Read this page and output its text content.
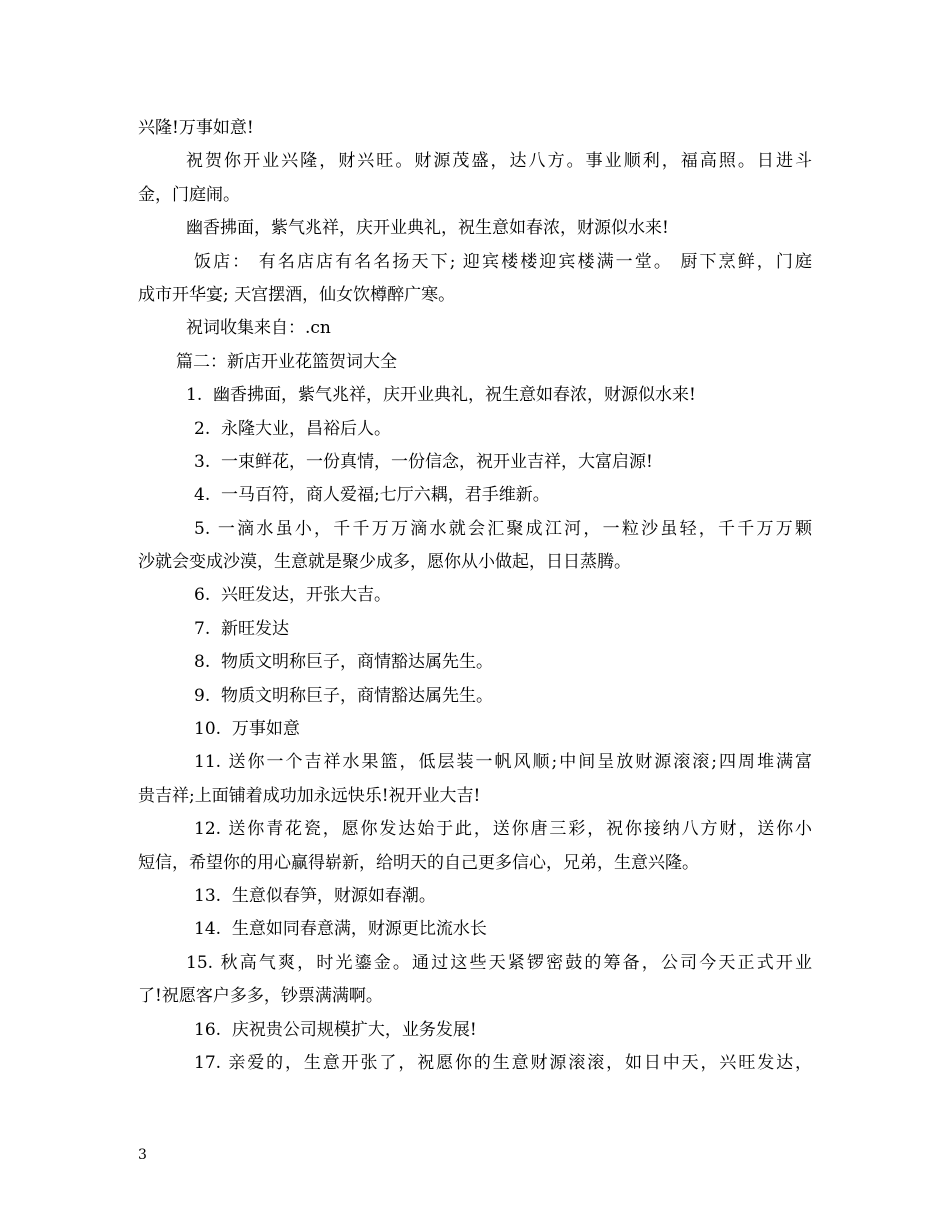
兴隆!万事如意!
祝贺你开业兴隆，财兴旺。财源茂盛，达八方。事业顺利，福高照。日进斗
金，门庭闹。
幽香拂面，紫气兆祥，庆开业典礼，祝生意如春浓，财源似水来!
饭店： 有名店店有名名扬天下; 迎宾楼楼迎宾楼满一堂。 厨下烹鲜，门庭
成市开华宴; 天宫摆酒，仙女饮樽醉广寒。
祝词收集来自：.cn
篇二：新店开业花篮贺词大全
1.  幽香拂面，紫气兆祥，庆开业典礼，祝生意如春浓，财源似水来!
2.  永隆大业，昌裕后人。
3.  一束鲜花，一份真情，一份信念，祝开业吉祥，大富启源!
4.  一马百符，商人爱福;七厅六耦，君手维新。
5. 一滴水虽小，千千万万滴水就会汇聚成江河，一粒沙虽轻，千千万万颗
沙就会变成沙漠，生意就是聚少成多，愿你从小做起，日日蒸腾。
6.  兴旺发达，开张大吉。
7.  新旺发达
8.  物质文明称巨子，商情豁达属先生。
9.  物质文明称巨子，商情豁达属先生。
10.  万事如意
11. 送你一个吉祥水果篮，低层装一帆风顺;中间呈放财源滚滚;四周堆满富
贵吉祥;上面铺着成功加永远快乐!祝开业大吉!
12. 送你青花瓷，愿你发达始于此，送你唐三彩，祝你接纳八方财，送你小
短信，希望你的用心赢得崭新，给明天的自己更多信心，兄弟，生意兴隆。
13.  生意似春笋，财源如春潮。
14.  生意如同春意满，财源更比流水长
15. 秋高气爽，时光鎏金。通过这些天紧锣密鼓的筹备，公司今天正式开业
了!祝愿客户多多，钞票满满啊。
16.  庆祝贵公司规模扩大，业务发展!
17. 亲爱的，生意开张了，祝愿你的生意财源滚滚，如日中天，兴旺发达，
3
